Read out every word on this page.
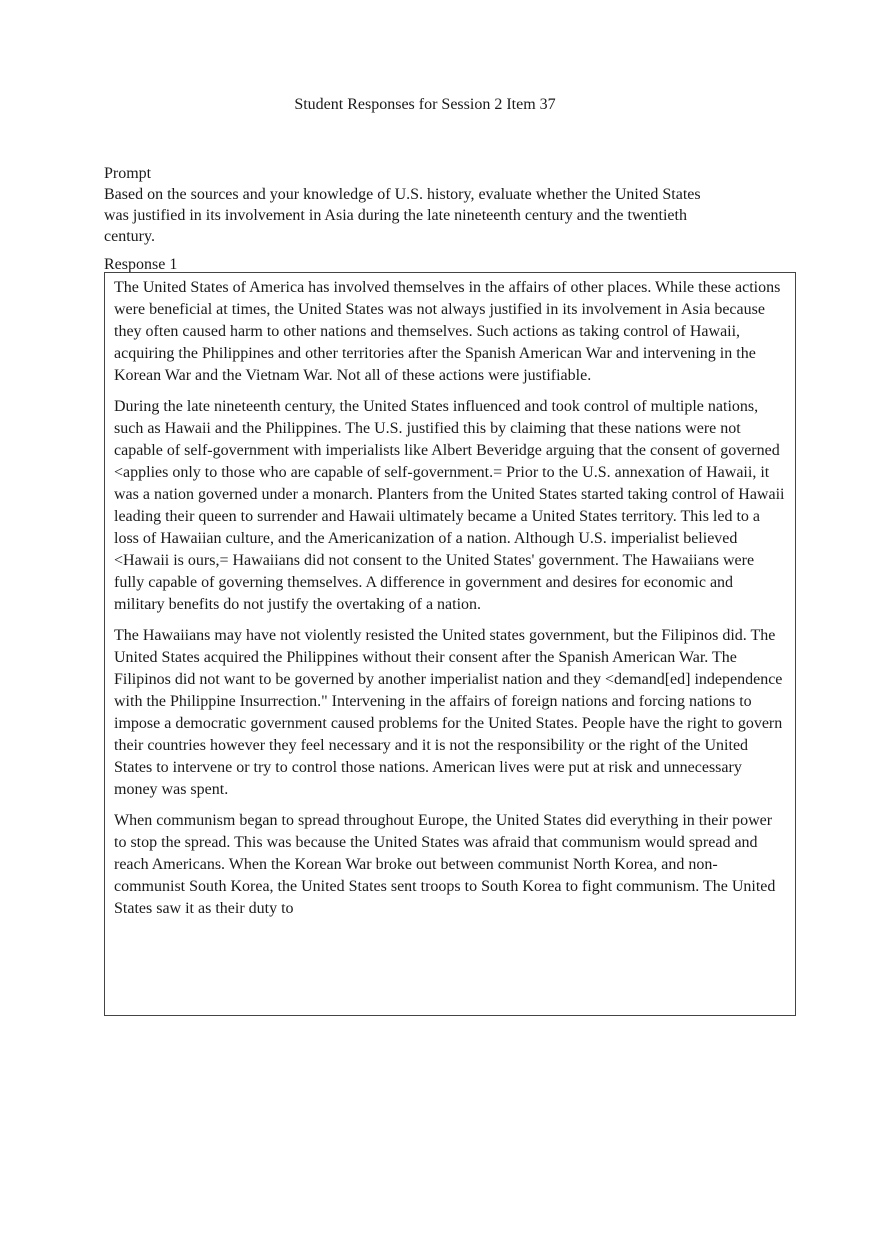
Student Responses for Session 2 Item 37

Prompt

Based on the sources and your knowledge of U.S. history, evaluate whether the United States was justified in its involvement in Asia during the late nineteenth century and the twentieth century.

Response 1

The United States of America has involved themselves in the affairs of other places. While these actions were beneficial at times, the United States was not always justified in its involvement in Asia because they often caused harm to other nations and themselves. Such actions as taking control of Hawaii, acquiring the Philippines and other territories after the Spanish American War and intervening in the Korean War and the Vietnam War. Not all of these actions were justifiable.

During the late nineteenth century, the United States influenced and took control of multiple nations, such as Hawaii and the Philippines. The U.S. justified this by claiming that these nations were not capable of self-government with imperialists like Albert Beveridge arguing that the consent of governed <applies only to those who are capable of self-government.= Prior to the U.S. annexation of Hawaii, it was a nation governed under a monarch. Planters from the United States started taking control of Hawaii leading their queen to surrender and Hawaii ultimately became a United States territory. This led to a loss of Hawaiian culture, and the Americanization of a nation. Although U.S. imperialist believed <Hawaii is ours,= Hawaiians did not consent to the United States' government. The Hawaiians were fully capable of governing themselves. A difference in government and desires for economic and military benefits do not justify the overtaking of a nation.

The Hawaiians may have not violently resisted the United states government, but the Filipinos did. The United States acquired the Philippines without their consent after the Spanish American War. The Filipinos did not want to be governed by another imperialist nation and they <demand[ed] independence with the Philippine Insurrection." Intervening in the affairs of foreign nations and forcing nations to impose a democratic government caused problems for the United States. People have the right to govern their countries however they feel necessary and it is not the responsibility or the right of the United States to intervene or try to control those nations. American lives were put at risk and unnecessary money was spent.

When communism began to spread throughout Europe, the United States did everything in their power to stop the spread. This was because the United States was afraid that communism would spread and reach Americans. When the Korean War broke out between communist North Korea, and non-communist South Korea, the United States sent troops to South Korea to fight communism. The United States saw it as their duty to
